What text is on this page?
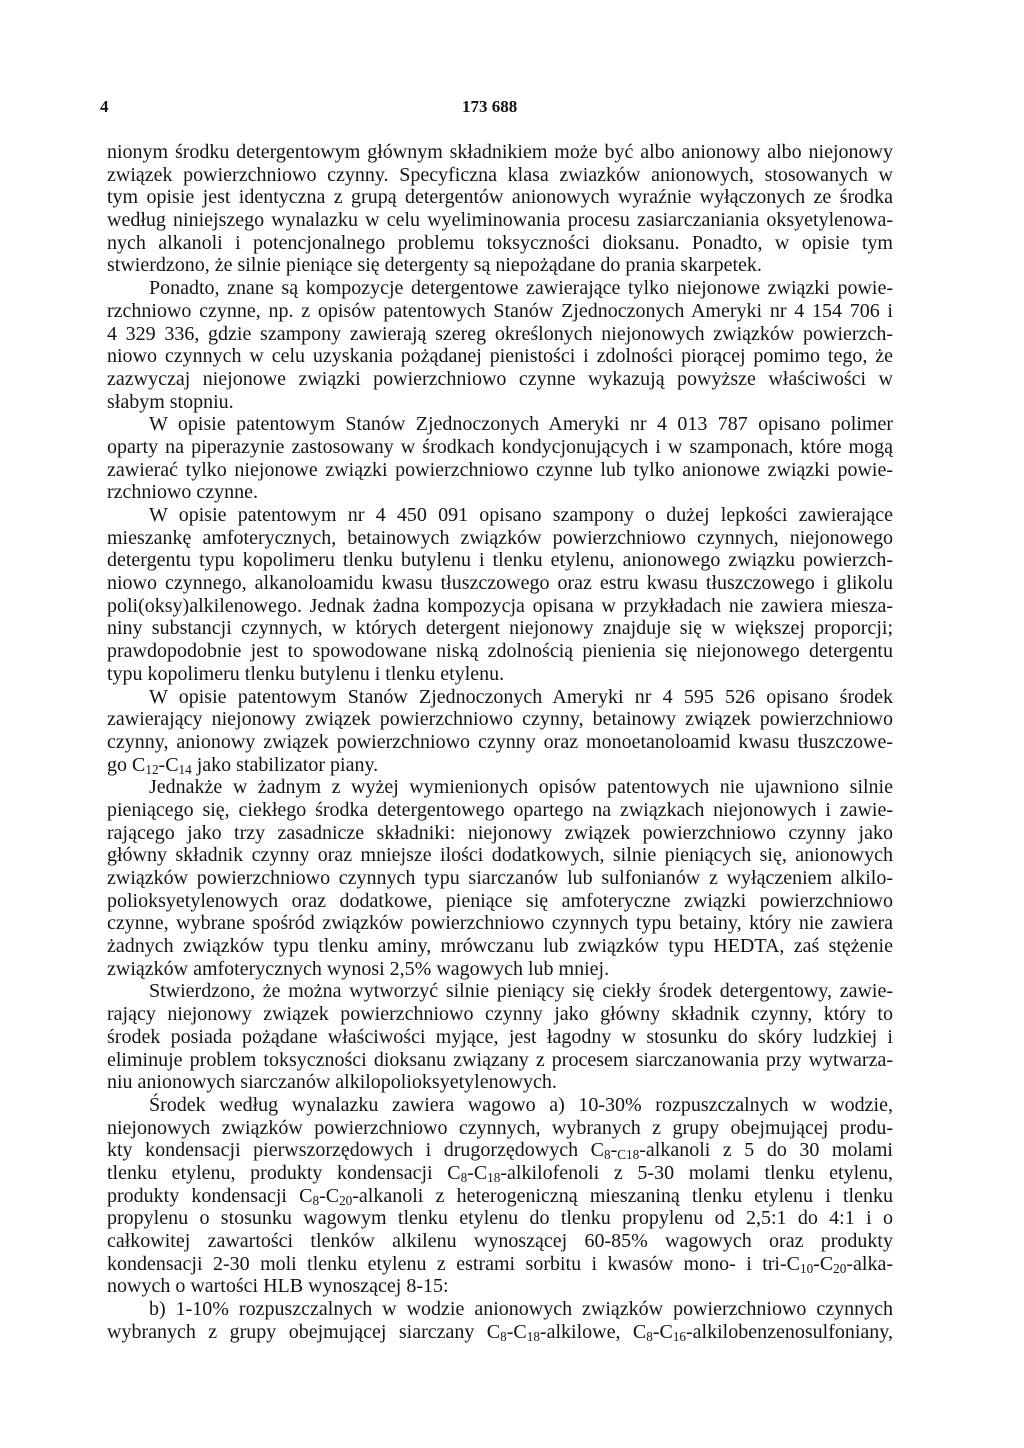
4	173 688
nionym środku detergentowym głównym składnikiem może być albo anionowy albo niejonowy
związek powierzchniowo czynny. Specyficzna klasa zwiazków anionowych, stosowanych w
tym opisie jest identyczna z grupą detergentów anionowych wyraźnie wyłączonych ze środka
według niniejszego wynalazku w celu wyeliminowania procesu zasiarczaniania oksyetylenowa-
nych alkanoli i potencjonalnego problemu toksyczności dioksanu. Ponadto, w opisie tym
stwierdzono, że silnie pieniące się detergenty są niepożądane do prania skarpetek.
Ponadto, znane są kompozycje detergentowe zawierające tylko niejonowe związki powie-
rzchniowo czynne, np. z opisów patentowych Stanów Zjednoczonych Ameryki nr 4 154 706 i
4 329 336, gdzie szampony zawierają szereg określonych niejonowych związków powierzch-
niowo czynnych w celu uzyskania pożądanej pienistości i zdolności piorącej pomimo tego, że
zazwyczaj niejonowe związki powierzchniowo czynne wykazują powyższe właściwości w
słabym stopniu.
W opisie patentowym Stanów Zjednoczonych Ameryki nr 4 013 787 opisano polimer
oparty na piperazynie zastosowany w środkach kondycjonujących i w szamponach, które mogą
zawierać tylko niejonowe związki powierzchniowo czynne lub tylko anionowe związki powie-
rzchniowo czynne.
W opisie patentowym nr 4 450 091 opisano szampony o dużej lepkości zawierające
mieszankę amfoterycznych, betainowych związków powierzchniowo czynnych, niejonowego
detergentu typu kopolimeru tlenku butylenu i tlenku etylenu, anionowego związku powierzch-
niowo czynnego, alkanoloamidu kwasu tłuszczowego oraz estru kwasu tłuszczowego i glikolu
poli(oksy)alkilenowego. Jednak żadna kompozycja opisana w przykładach nie zawiera miesza-
niny substancji czynnych, w których detergent niejonowy znajduje się w większej proporcji;
prawdopodobnie jest to spowodowane niską zdolnością pienienia się niejonowego detergentu
typu kopolimeru tlenku butylenu i tlenku etylenu.
W opisie patentowym Stanów Zjednoczonych Ameryki nr 4 595 526 opisano środek
zawierający niejonowy związek powierzchniowo czynny, betainowy związek powierzchniowo
czynny, anionowy związek powierzchniowo czynny oraz monoetanoloamid kwasu tłuszczowe-
go $C_{12}-C_{14}$ jako stabilizator piany.
Jednakże w żadnym z wyżej wymienionych opisów patentowych nie ujawniono silnie
pieniącego się, ciekłego środka detergentowego opartego na związkach niejonowych i zawie-
rającego jako trzy zasadnicze składniki: niejonowy związek powierzchniowo czynny jako
główny składnik czynny oraz mniejsze ilości dodatkowych, silnie pieniących się, anionowych
związków powierzchniowo czynnych typu siarczanów lub sulfonianów z wyłączeniem alkilo-
polioksyetylenowych oraz dodatkowe, pieniące się amfoteryczne związki powierzchniowo
czynne, wybrane spośród związków powierzchniowo czynnych typu betainy, który nie zawiera
żadnych związków typu tlenku aminy, mrówczanu lub związków typu HEDTA, zaś stężenie
związków amfoterycznych wynosi 2,5% wagowych lub mniej.
Stwierdzono, że można wytworzyć silnie pieniący się ciekły środek detergentowy, zawie-
rający niejonowy związek powierzchniowo czynny jako główny składnik czynny, który to
środek posiada pożądane właściwości myjące, jest łagodny w stosunku do skóry ludzkiej i
eliminuje problem toksyczności dioksanu związany z procesem siarczanowania przy wytwarza-
niu anionowych siarczanów alkilopolioksyetylenowych.
Środek według wynalazku zawiera wagowo a) 10-30% rozpuszczalnych w wodzie,
niejonowych związków powierzchniowo czynnych, wybranych z grupy obejmującej produ-
kty kondensacji pierwszorzędowych i drugorzędowych $C_8-_{C18}$-alkanoli z 5 do 30 molami
tlenku etylenu, produkty kondensacji $C_8-C_{18}$-alkilofenoli z 5-30 molami tlenku etylenu,
produkty kondensacji $C_8-C_{20}$-alkanoli z heterogeniczną mieszaniną tlenku etylenu i tlenku
propylenu o stosunku wagowym tlenku etylenu do tlenku propylenu od 2,5:1 do 4:1 i o
całkowitej zawartości tlenków alkilenu wynoszącej 60-85% wagowych oraz produkty
kondensacji 2-30 moli tlenku etylenu z estrami sorbitu i kwasów mono- i tri-$C_{10}-C_{20}-alka-$
nowych o wartości HLB wynoszącej 8-15:
b) 1-10% rozpuszczalnych w wodzie anionowych związków powierzchniowo czynnych
wybranych z grupy obejmującej siarczany $C_8-C_{18}$-alkilowe, $C_8-C_{16}$-alkilobenzenosulfoniany,
